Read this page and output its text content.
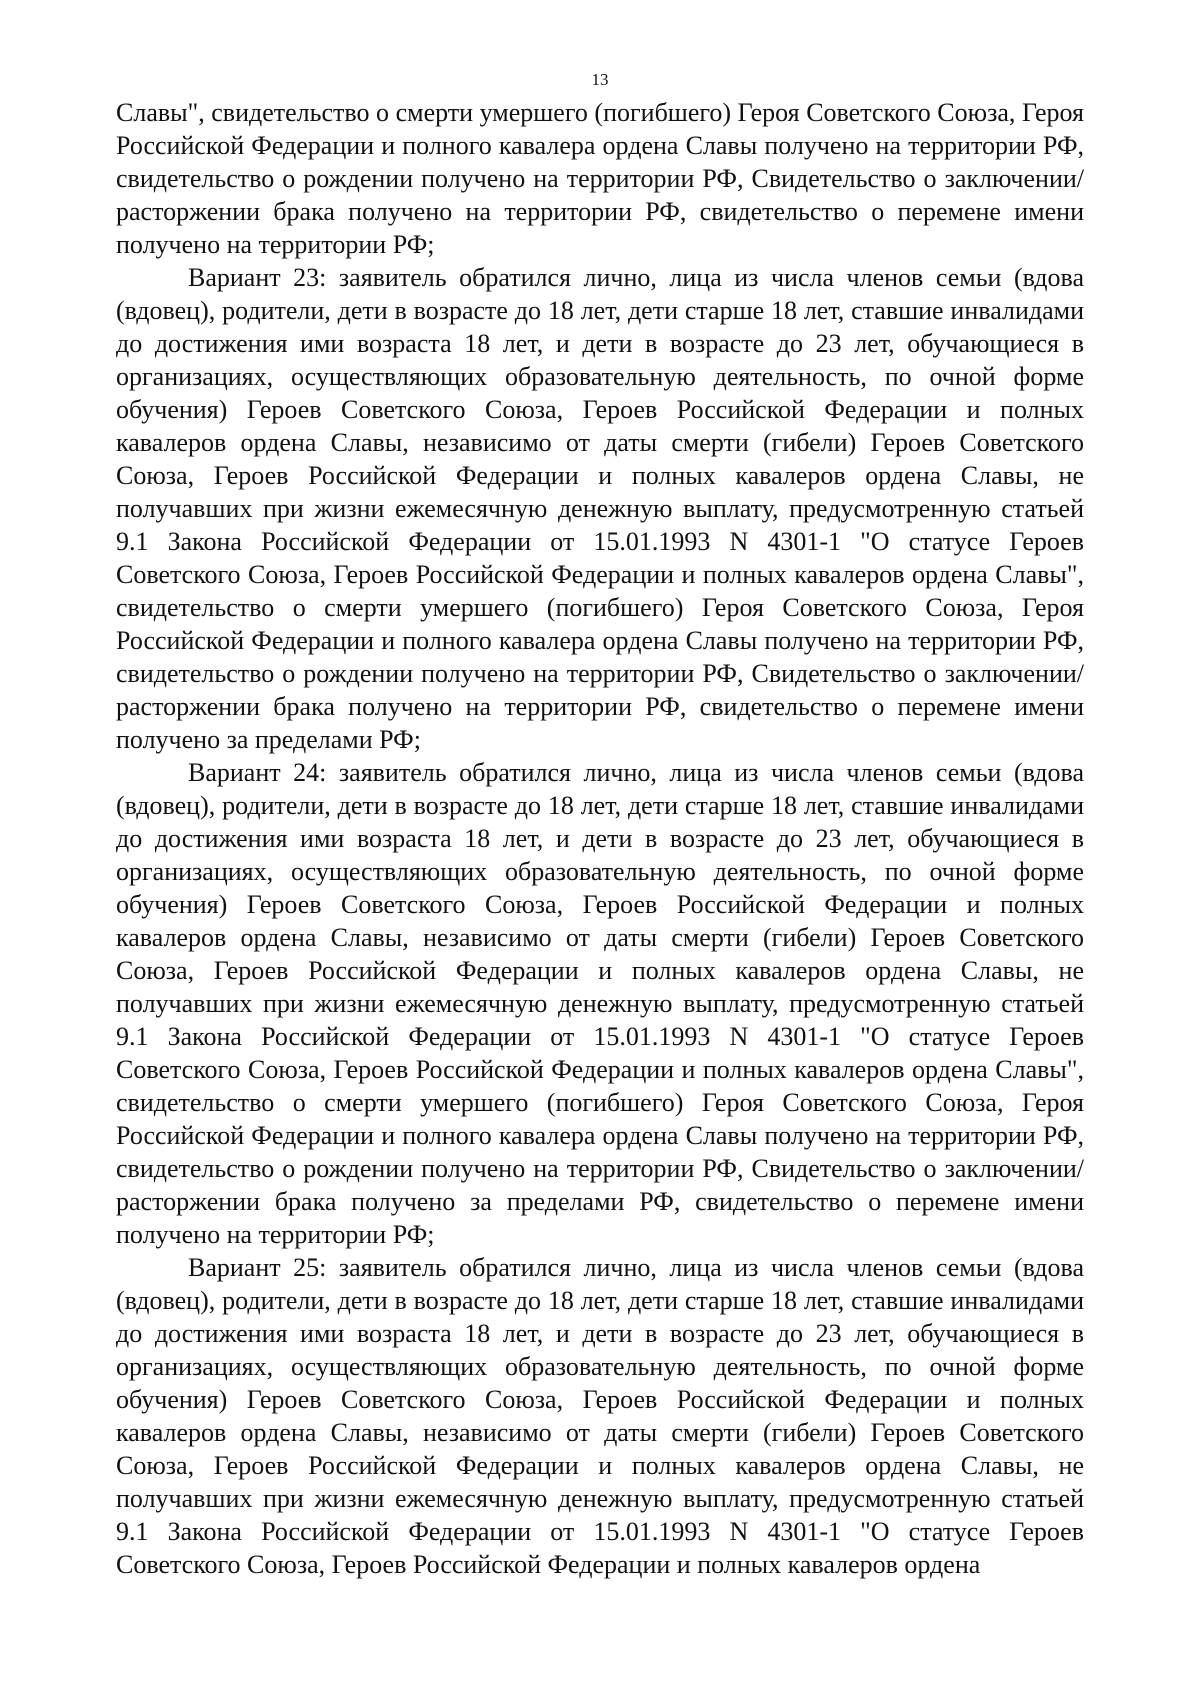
13

Славы", свидетельство о смерти умершего (погибшего) Героя Советского Союза, Героя Российской Федерации и полного кавалера ордена Славы получено на территории РФ, свидетельство о рождении получено на территории РФ, Свидетельство о заключении/расторжении брака получено на территории РФ, свидетельство о перемене имени получено на территории РФ;

Вариант 23: заявитель обратился лично, лица из числа членов семьи (вдова (вдовец), родители, дети в возрасте до 18 лет, дети старше 18 лет, ставшие инвалидами до достижения ими возраста 18 лет, и дети в возрасте до 23 лет, обучающиеся в организациях, осуществляющих образовательную деятельность, по очной форме обучения) Героев Советского Союза, Героев Российской Федерации и полных кавалеров ордена Славы, независимо от даты смерти (гибели) Героев Советского Союза, Героев Российской Федерации и полных кавалеров ордена Славы, не получавших при жизни ежемесячную денежную выплату, предусмотренную статьей 9.1 Закона Российской Федерации от 15.01.1993 N 4301-1 "О статусе Героев Советского Союза, Героев Российской Федерации и полных кавалеров ордена Славы", свидетельство о смерти умершего (погибшего) Героя Советского Союза, Героя Российской Федерации и полного кавалера ордена Славы получено на территории РФ, свидетельство о рождении получено на территории РФ, Свидетельство о заключении/расторжении брака получено на территории РФ, свидетельство о перемене имени получено за пределами РФ;

Вариант 24: заявитель обратился лично, лица из числа членов семьи (вдова (вдовец), родители, дети в возрасте до 18 лет, дети старше 18 лет, ставшие инвалидами до достижения ими возраста 18 лет, и дети в возрасте до 23 лет, обучающиеся в организациях, осуществляющих образовательную деятельность, по очной форме обучения) Героев Советского Союза, Героев Российской Федерации и полных кавалеров ордена Славы, независимо от даты смерти (гибели) Героев Советского Союза, Героев Российской Федерации и полных кавалеров ордена Славы, не получавших при жизни ежемесячную денежную выплату, предусмотренную статьей 9.1 Закона Российской Федерации от 15.01.1993 N 4301-1 "О статусе Героев Советского Союза, Героев Российской Федерации и полных кавалеров ордена Славы", свидетельство о смерти умершего (погибшего) Героя Советского Союза, Героя Российской Федерации и полного кавалера ордена Славы получено на территории РФ, свидетельство о рождении получено на территории РФ, Свидетельство о заключении/расторжении брака получено за пределами РФ, свидетельство о перемене имени получено на территории РФ;

Вариант 25: заявитель обратился лично, лица из числа членов семьи (вдова (вдовец), родители, дети в возрасте до 18 лет, дети старше 18 лет, ставшие инвалидами до достижения ими возраста 18 лет, и дети в возрасте до 23 лет, обучающиеся в организациях, осуществляющих образовательную деятельность, по очной форме обучения) Героев Советского Союза, Героев Российской Федерации и полных кавалеров ордена Славы, независимо от даты смерти (гибели) Героев Советского Союза, Героев Российской Федерации и полных кавалеров ордена Славы, не получавших при жизни ежемесячную денежную выплату, предусмотренную статьей 9.1 Закона Российской Федерации от 15.01.1993 N 4301-1 "О статусе Героев Советского Союза, Героев Российской Федерации и полных кавалеров ордена
